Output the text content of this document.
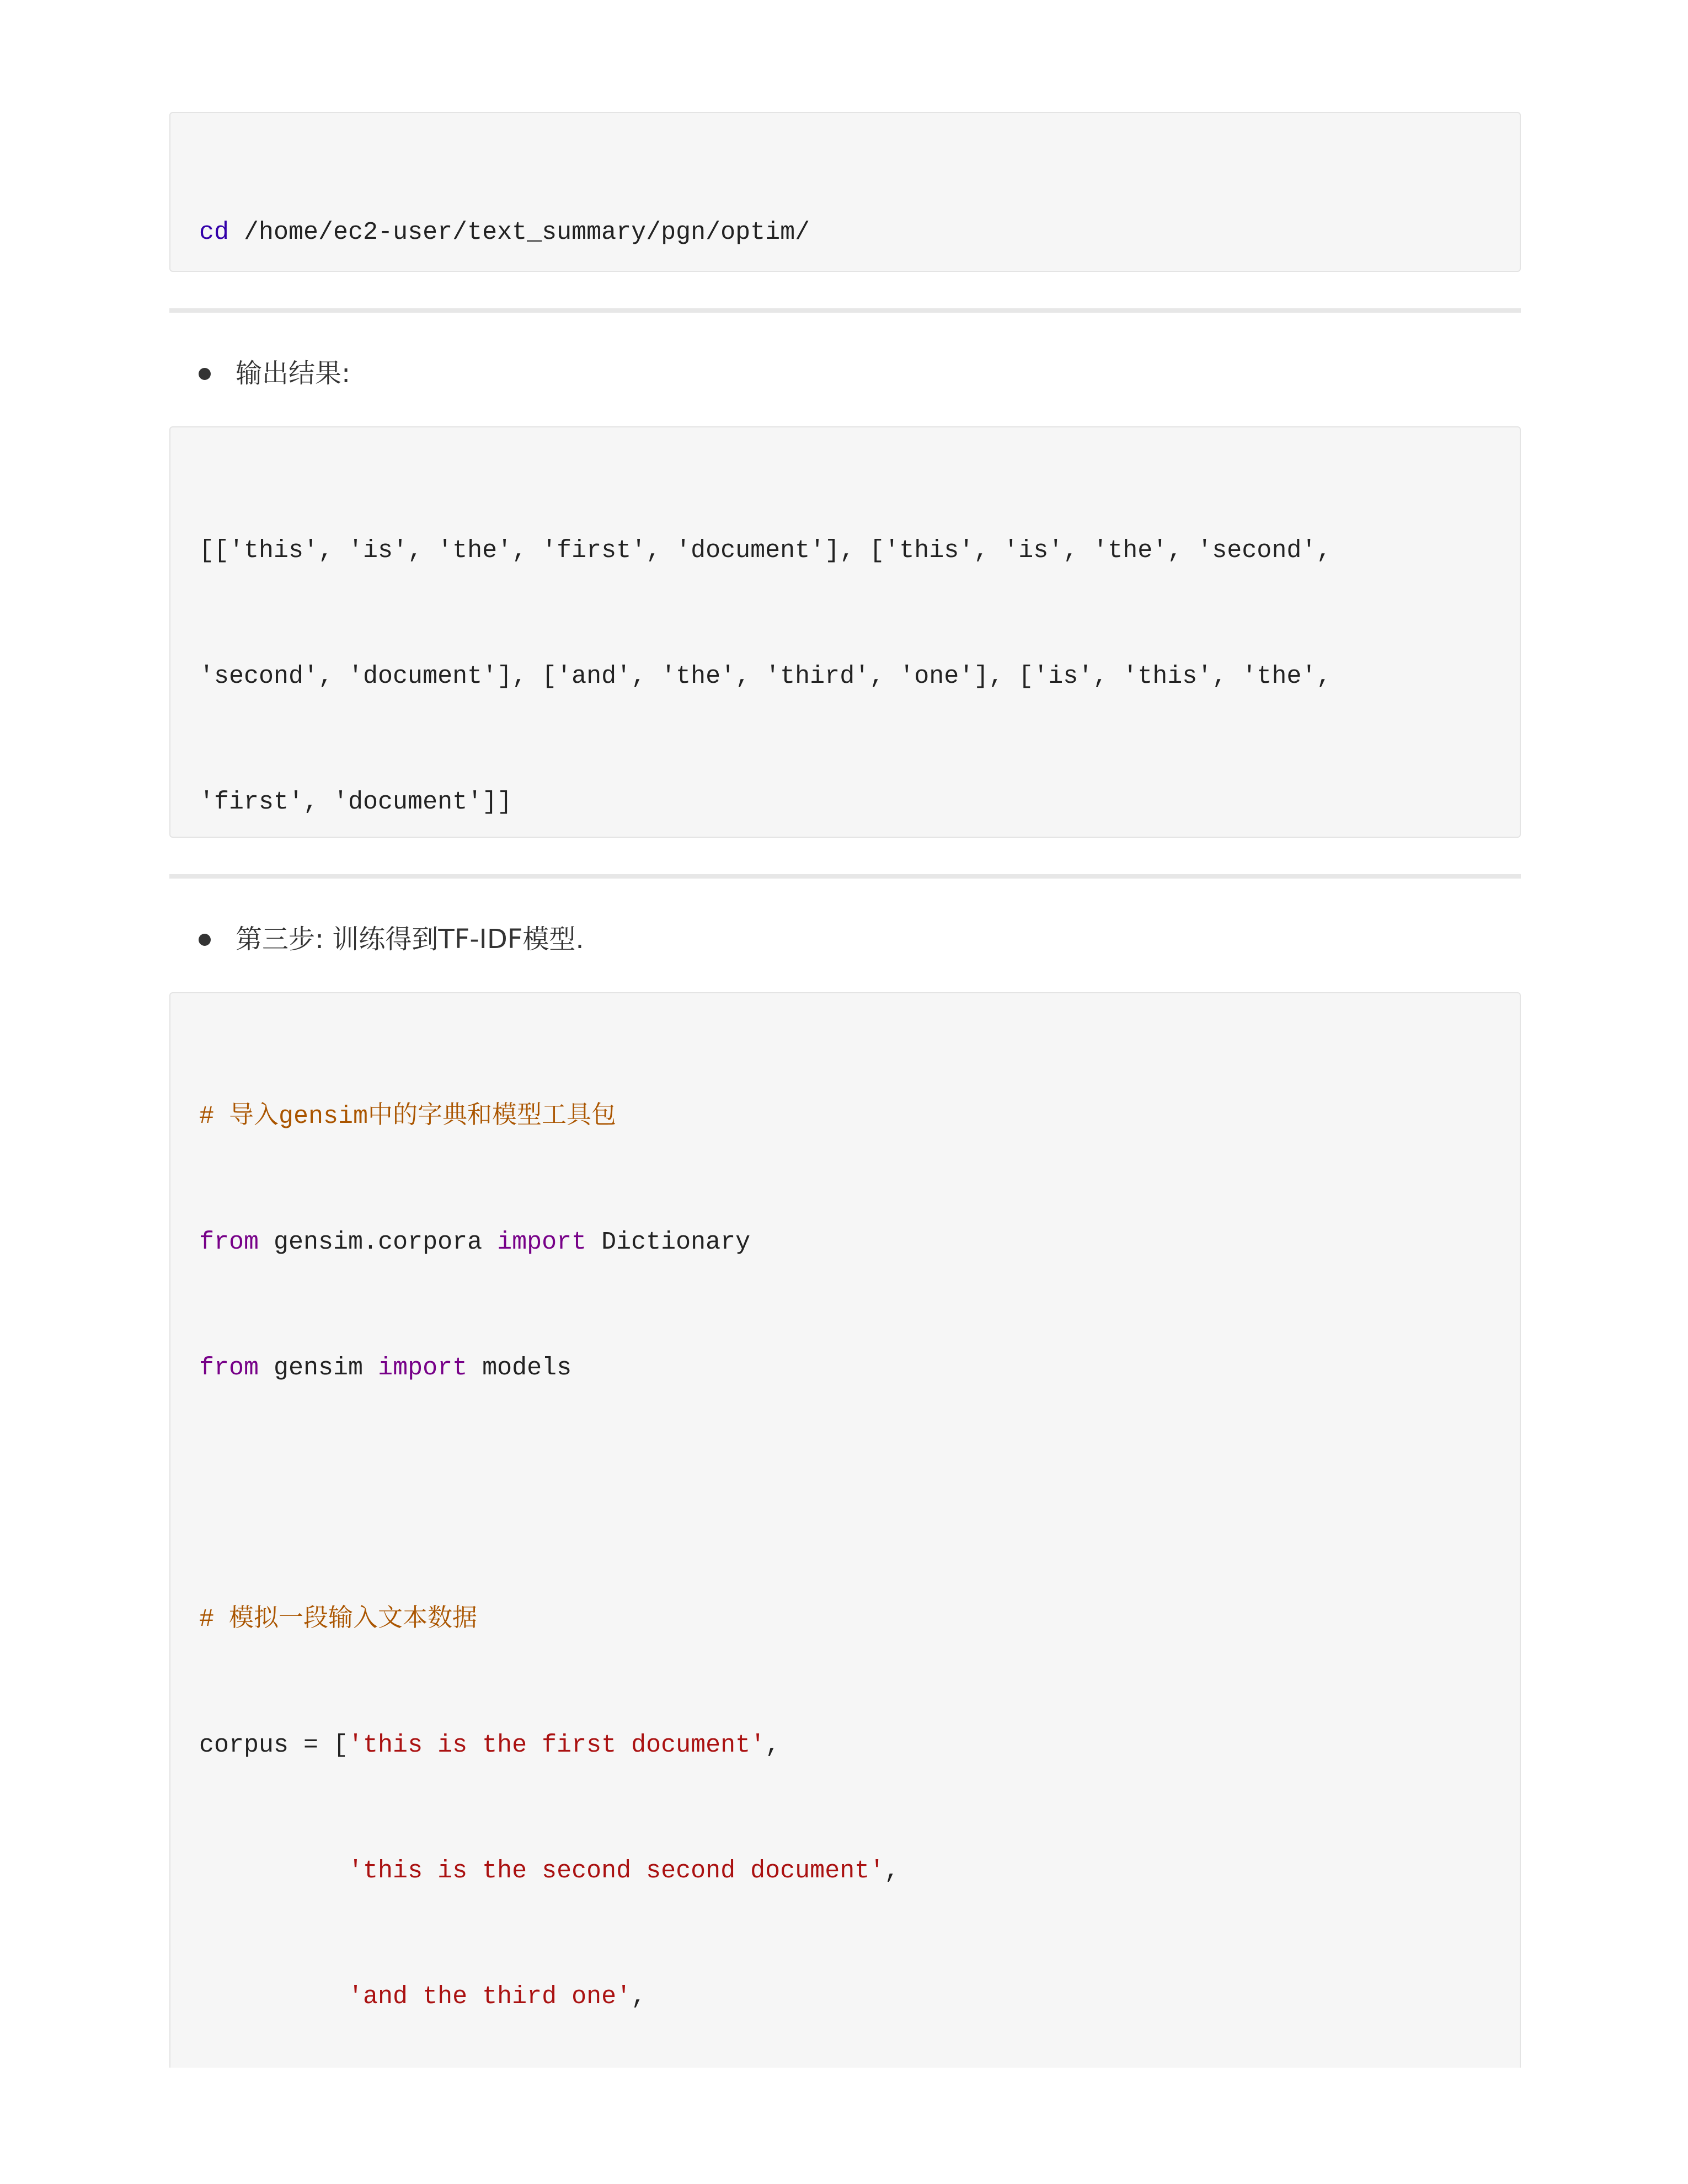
cd /home/ec2-user/text_summary/pgn/optim/

输出结果:

[['this', 'is', 'the', 'first', 'document'], ['this', 'is', 'the', 'second',

'second', 'document'], ['and', 'the', 'third', 'one'], ['is', 'this', 'the',

'first', 'document']]

第三步: 训练得到TF-IDF模型.

# 导入gensim中的字典和模型工具包

from gensim.corpora import Dictionary

from gensim import models

# 模拟一段输入文本数据

corpus = ['this is the first document',

'this is the second second document',

'and the third one',
